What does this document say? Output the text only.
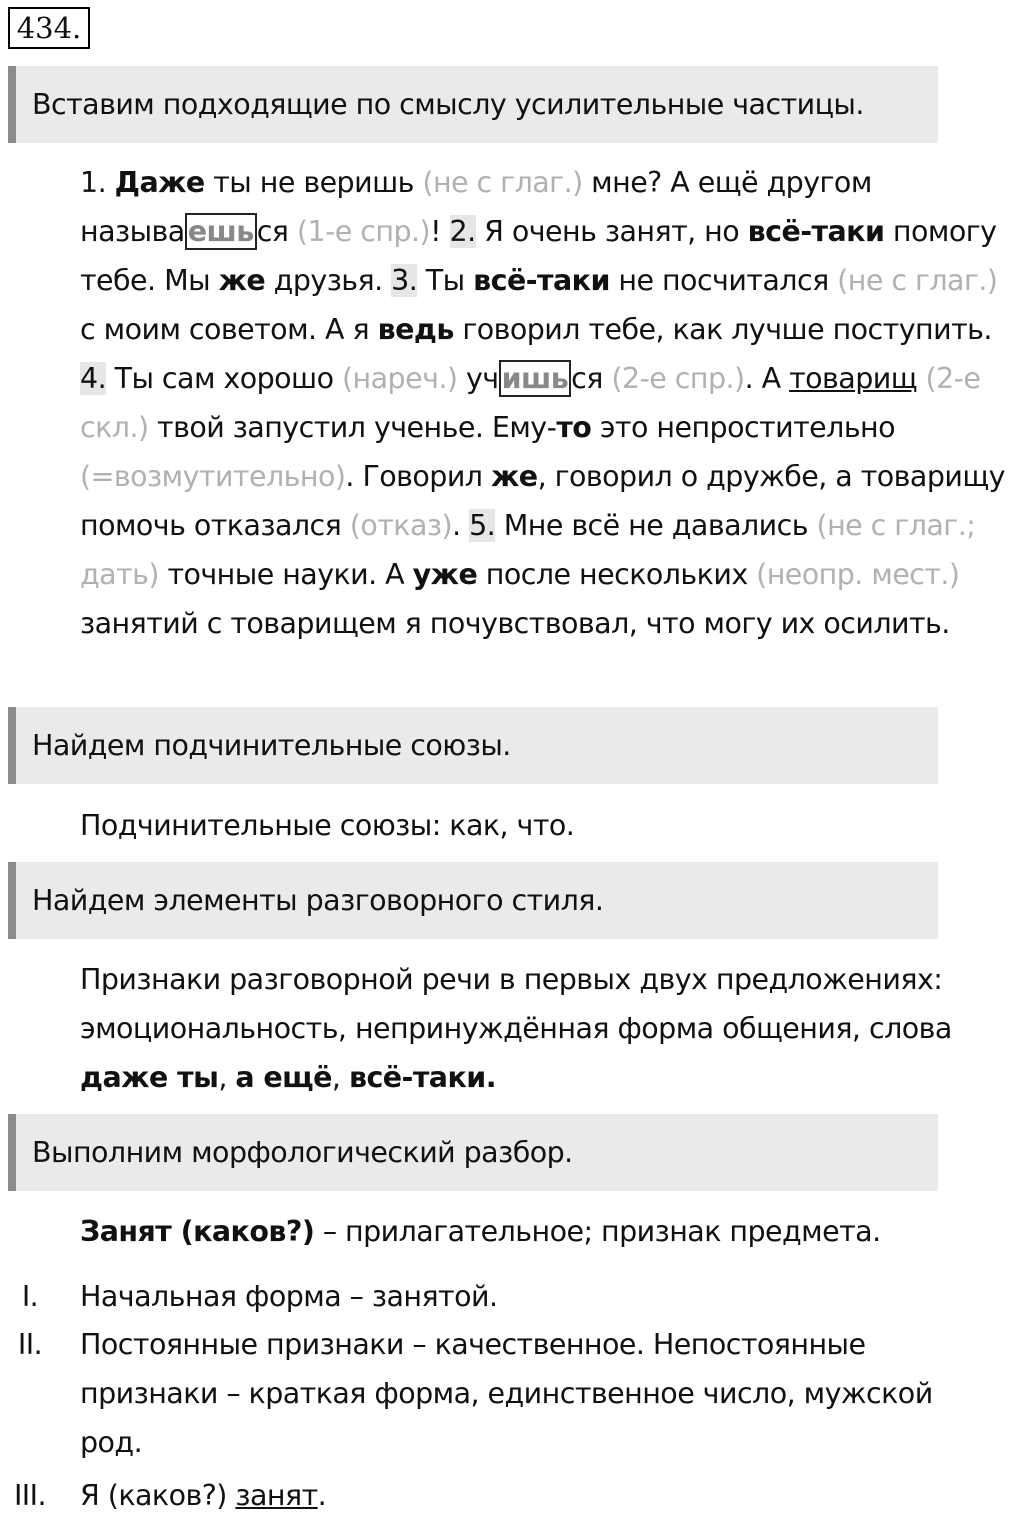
434.
Вставим подходящие по смыслу усилительные частицы.
1. Даже ты не веришь (не с глаг.) мне? А ещё другом называ ешь ся (1-е спр.)! 2. Я очень занят, но всё-таки помогу тебе. Мы же друзья. 3. Ты всё-таки не посчитался (не с глаг.) с моим советом. А я ведь говорил тебе, как лучше поступить. 4. Ты сам хорошо (нареч.) уч ишь ся (2-е спр.). А товарищ (2-е скл.) твой запустил ученье. Ему-то это непростительно (=возмутительно). Говорил же, говорил о дружбе, а товарищу помочь отказался (отказ). 5. Мне всё не давались (не с глаг.; дать) точные науки. А уже после нескольких (неопр. мест.) занятий с товарищем я почувствовал, что могу их осилить.
Найдем подчинительные союзы.
Подчинительные союзы: как, что.
Найдем элементы разговорного стиля.
Признаки разговорной речи в первых двух предложениях: эмоциональность, непринуждённая форма общения, слова даже ты, а ещё, всё-таки.
Выполним морфологический разбор.
Занят (каков?) – прилагательное; признак предмета.
I.	Начальная форма – занятой.
II.	Постоянные признаки – качественное. Непостоянные признаки – краткая форма, единственное число, мужской род.
III.	Я (каков?) занят.
